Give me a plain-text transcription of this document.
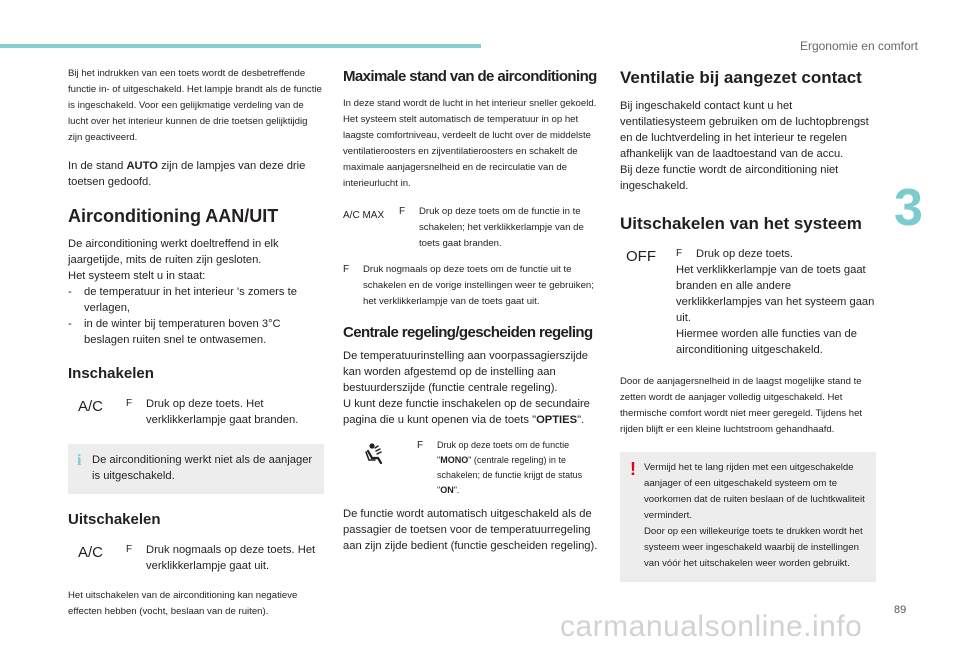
Ergonomie en comfort
3
89
carmanualsonline.info

Bij het indrukken van een toets wordt de desbetreffende functie in- of uitgeschakeld. Het lampje brandt als de functie is ingeschakeld. Voor een gelijkmatige verdeling van de lucht over het interieur kunnen de drie toetsen gelijktijdig zijn geactiveerd.

In de stand AUTO zijn de lampjes van deze drie toetsen gedoofd.

Airconditioning AAN/UIT

De airconditioning werkt doeltreffend in elk jaargetijde, mits de ruiten zijn gesloten.

Het systeem stelt u in staat:

-	de temperatuur in het interieur 's zomers te verlagen,
-	in de winter bij temperaturen boven 3°C beslagen ruiten snel te ontwasemen.
Inschakelen
A/C	F	Druk op deze toets. Het verklikkerlampje gaat branden.
i De airconditioning werkt niet als de aanjager is uitgeschakeld.

Uitschakelen
A/C	F	Druk nogmaals op deze toets. Het verklikkerlampje gaat uit.

Het uitschakelen van de airconditioning kan negatieve effecten hebben (vocht, beslaan van de ruiten).

Maximale stand van de airconditioning

In deze stand wordt de lucht in het interieur sneller gekoeld.

Het systeem stelt automatisch de temperatuur in op het laagste comfortniveau, verdeelt de lucht over de middelste ventilatieroosters en zijventilatieroosters en schakelt de maximale aanjagersnelheid en de recirculatie van de interieurlucht in.

A/C MAX	F	Druk op deze toets om de functie in te schakelen; het verklikkerlampje van de toets gaat branden.
F	Druk nogmaals op deze toets om de functie uit te schakelen en de vorige instellingen weer te gebruiken; het verklikkerlampje van de toets gaat uit.
Centrale regeling/gescheiden regeling

De temperatuurinstelling aan voorpassagierszijde kan worden afgestemd op de instelling aan bestuurderszijde (functie centrale regeling).

U kunt deze functie inschakelen op de secundaire pagina die u kunt openen via de toets "OPTIES".

F	Druk op deze toets om de functie "MONO" (centrale regeling) in te schakelen; de functie krijgt de status "ON".

De functie wordt automatisch uitgeschakeld als de passagier de toetsen voor de temperatuurregeling aan zijn zijde bedient (functie gescheiden regeling).

Ventilatie bij aangezet contact

Bij ingeschakeld contact kunt u het ventilatiesysteem gebruiken om de luchtopbrengst en de luchtverdeling in het interieur te regelen afhankelijk van de laadtoestand van de accu.

Bij deze functie wordt de airconditioning niet ingeschakeld.

Uitschakelen van het systeem
OFF	F	Druk op deze toets.

Het verklikkerlampje van de toets gaat branden en alle andere verklikkerlampjes van het systeem gaan uit.

Hiermee worden alle functies van de airconditioning uitgeschakeld.

Door de aanjagersnelheid in de laagst mogelijke stand te zetten wordt de aanjager volledig uitgeschakeld. Het thermische comfort wordt niet meer geregeld. Tijdens het rijden blijft er een kleine luchtstroom gehandhaafd.

! Vermijd het te lang rijden met een uitgeschakelde aanjager of een uitgeschakeld systeem om te voorkomen dat de ruiten beslaan of de luchtkwaliteit vermindert.

Door op een willekeurige toets te drukken wordt het systeem weer ingeschakeld waarbij de instellingen van vóór het uitschakelen weer worden gebruikt.
